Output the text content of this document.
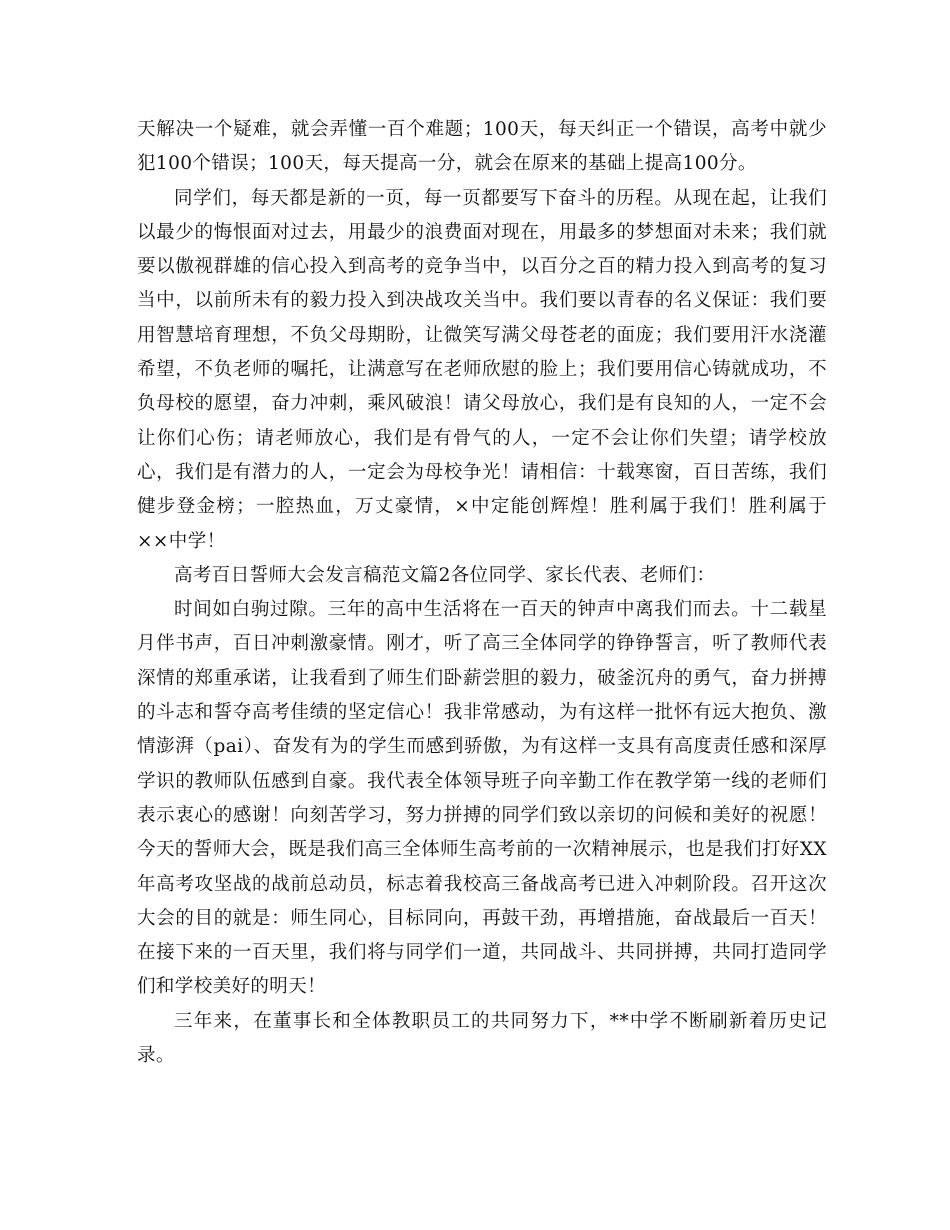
天解决一个疑难，就会弄懂一百个难题；100天，每天纠正一个错误，高考中就少犯100个错误；100天，每天提高一分，就会在原来的基础上提高100分。

同学们，每天都是新的一页，每一页都要写下奋斗的历程。从现在起，让我们以最少的悔恨面对过去，用最少的浪费面对现在，用最多的梦想面对未来；我们就要以傲视群雄的信心投入到高考的竞争当中，以百分之百的精力投入到高考的复习当中，以前所未有的毅力投入到决战攻关当中。我们要以青春的名义保证：我们要用智慧培育理想，不负父母期盼，让微笑写满父母苍老的面庞；我们要用汗水浇灌希望，不负老师的嘱托，让满意写在老师欣慰的脸上；我们要用信心铸就成功，不负母校的愿望，奋力冲刺，乘风破浪！请父母放心，我们是有良知的人，一定不会让你们心伤；请老师放心，我们是有骨气的人，一定不会让你们失望；请学校放心，我们是有潜力的人，一定会为母校争光！请相信：十载寒窗，百日苦练，我们健步登金榜；一腔热血，万丈豪情，×中定能创辉煌！胜利属于我们！胜利属于××中学！

高考百日誓师大会发言稿范文篇2各位同学、家长代表、老师们：

时间如白驹过隙。三年的高中生活将在一百天的钟声中离我们而去。十二载星月伴书声，百日冲刺激豪情。刚才，听了高三全体同学的铮铮誓言，听了教师代表深情的郑重承诺，让我看到了师生们卧薪尝胆的毅力，破釜沉舟的勇气，奋力拼搏的斗志和誓夺高考佳绩的坚定信心！我非常感动，为有这样一批怀有远大抱负、激情澎湃（pai）、奋发有为的学生而感到骄傲，为有这样一支具有高度责任感和深厚学识的教师队伍感到自豪。我代表全体领导班子向辛勤工作在教学第一线的老师们表示衷心的感谢！向刻苦学习，努力拼搏的同学们致以亲切的问候和美好的祝愿！今天的誓师大会，既是我们高三全体师生高考前的一次精神展示，也是我们打好XX年高考攻坚战的战前总动员，标志着我校高三备战高考已进入冲刺阶段。召开这次大会的目的就是：师生同心，目标同向，再鼓干劲，再增措施，奋战最后一百天！在接下来的一百天里，我们将与同学们一道，共同战斗、共同拼搏，共同打造同学们和学校美好的明天！

三年来，在董事长和全体教职员工的共同努力下，**中学不断刷新着历史记录。
